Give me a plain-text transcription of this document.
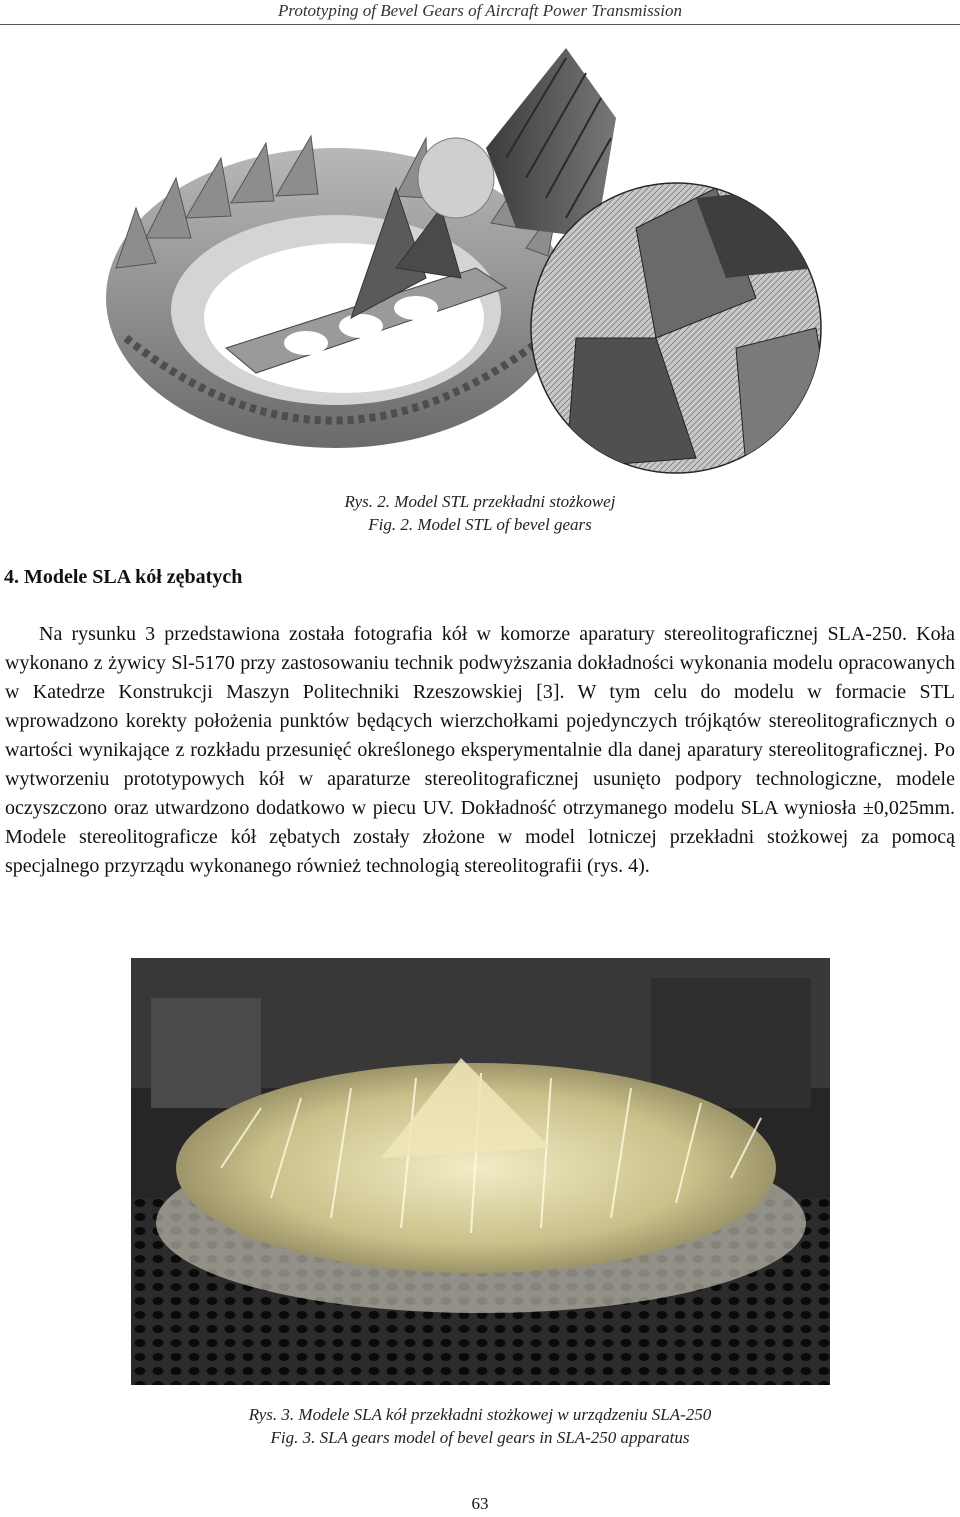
Prototyping of Bevel Gears of Aircraft Power Transmission
Rys. 2. Model STL przekładni stożkowej
Fig. 2. Model STL of bevel gears
4. Modele SLA kół zębatych

Na rysunku 3 przedstawiona została fotografia kół w komorze aparatury stereolitograficznej SLA-250. Koła wykonano z żywicy Sl-5170 przy zastosowaniu technik podwyższania dokładności wykonania modelu opracowanych w Katedrze Konstrukcji Maszyn Politechniki Rzeszowskiej [3]. W tym celu do modelu w formacie STL wprowadzono korekty położenia punktów będących wierzchołkami pojedynczych trójkątów stereolitograficznych o wartości wynikające z rozkładu przesunięć określonego eksperymentalnie dla danej aparatury stereolitograficznej. Po wytworzeniu prototypowych kół w aparaturze stereolitograficznej usunięto podpory technologiczne, modele oczyszczono oraz utwardzono dodatkowo w piecu UV. Dokładność otrzymanego modelu SLA wyniosła ±0,025mm. Modele stereolitograficze kół zębatych zostały złożone w model lotniczej przekładni stożkowej za pomocą specjalnego przyrządu wykonanego również technologią stereolitografii (rys. 4).

Rys. 3. Modele SLA kół przekładni stożkowej w urządzeniu SLA-250
Fig. 3. SLA gears model of bevel gears in SLA-250 apparatus
63
